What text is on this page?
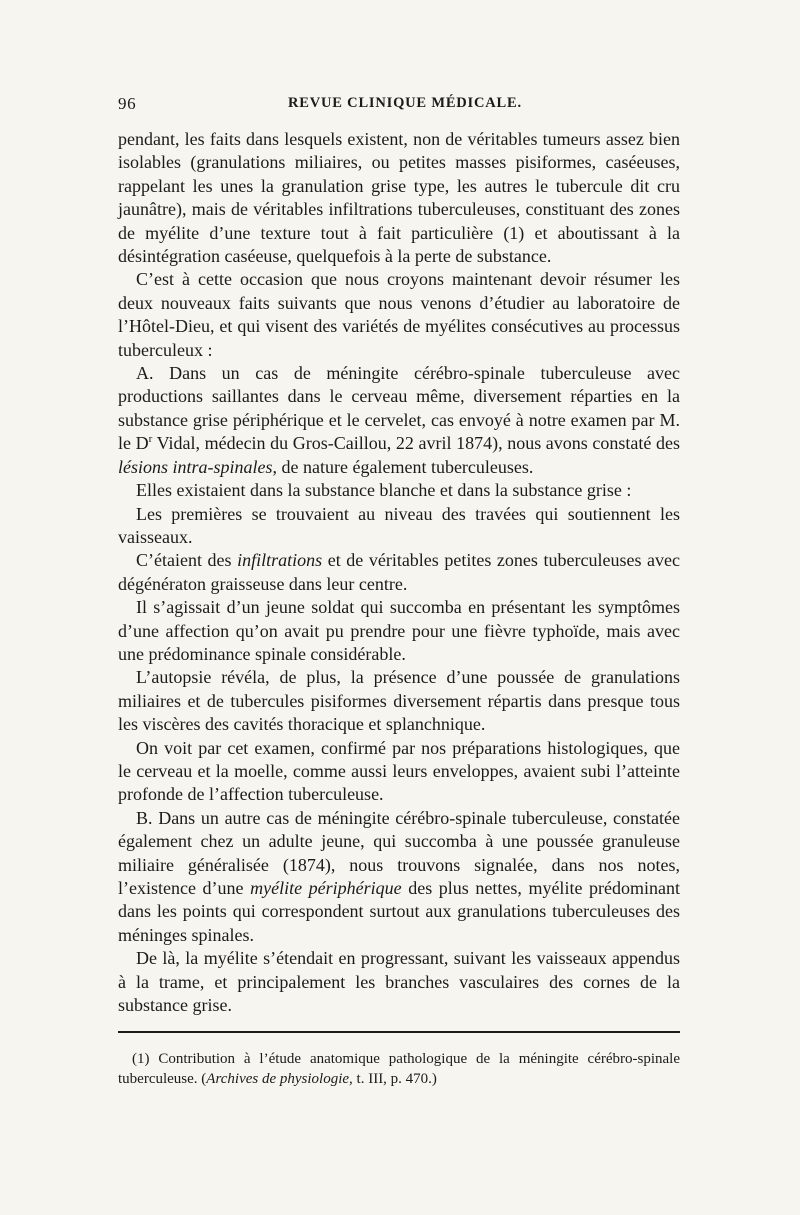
96	REVUE CLINIQUE MÉDICALE.

pendant, les faits dans lesquels existent, non de véritables tumeurs assez bien isolables (granulations miliaires, ou petites masses pisiformes, caséeuses, rappelant les unes la granulation grise type, les autres le tubercule dit cru jaunâtre), mais de véritables infiltrations tuberculeuses, constituant des zones de myélite d’une texture tout à fait particulière (1) et aboutissant à la désintégration caséeuse, quelquefois à la perte de substance.

C’est à cette occasion que nous croyons maintenant devoir résumer les deux nouveaux faits suivants que nous venons d’étudier au laboratoire de l’Hôtel-Dieu, et qui visent des variétés de myélites consécutives au processus tuberculeux :

A. Dans un cas de méningite cérébro-spinale tuberculeuse avec productions saillantes dans le cerveau même, diversement réparties en la substance grise périphérique et le cervelet, cas envoyé à notre examen par M. le $D^r$ Vidal, médecin du Gros-Caillou, 22 avril 1874), nous avons constaté des lésions intra-spinales, de nature également tuberculeuses.

Elles existaient dans la substance blanche et dans la substance grise :

Les premières se trouvaient au niveau des travées qui soutiennent les vaisseaux.

C’étaient des infiltrations et de véritables petites zones tuberculeuses avec dégénératon graisseuse dans leur centre.

Il s’agissait d’un jeune soldat qui succomba en présentant les symptômes d’une affection qu’on avait pu prendre pour une fièvre typhoïde, mais avec une prédominance spinale considérable.

L’autopsie révéla, de plus, la présence d’une poussée de granulations miliaires et de tubercules pisiformes diversement répartis dans presque tous les viscères des cavités thoracique et splanchnique.

On voit par cet examen, confirmé par nos préparations histologiques, que le cerveau et la moelle, comme aussi leurs enveloppes, avaient subi l’atteinte profonde de l’affection tuberculeuse.

B. Dans un autre cas de méningite cérébro-spinale tuberculeuse, constatée également chez un adulte jeune, qui succomba à une poussée granuleuse miliaire généralisée (1874), nous trouvons signalée, dans nos notes, l’existence d’une myélite périphérique des plus nettes, myélite prédominant dans les points qui correspondent surtout aux granulations tuberculeuses des méninges spinales.

De là, la myélite s’étendait en progressant, suivant les vaisseaux appendus à la trame, et principalement les branches vasculaires des cornes de la substance grise.

(1) Contribution à l’étude anatomique pathologique de la méningite cérébro-spinale tuberculeuse. (Archives de physiologie, t. III, p. 470.)
